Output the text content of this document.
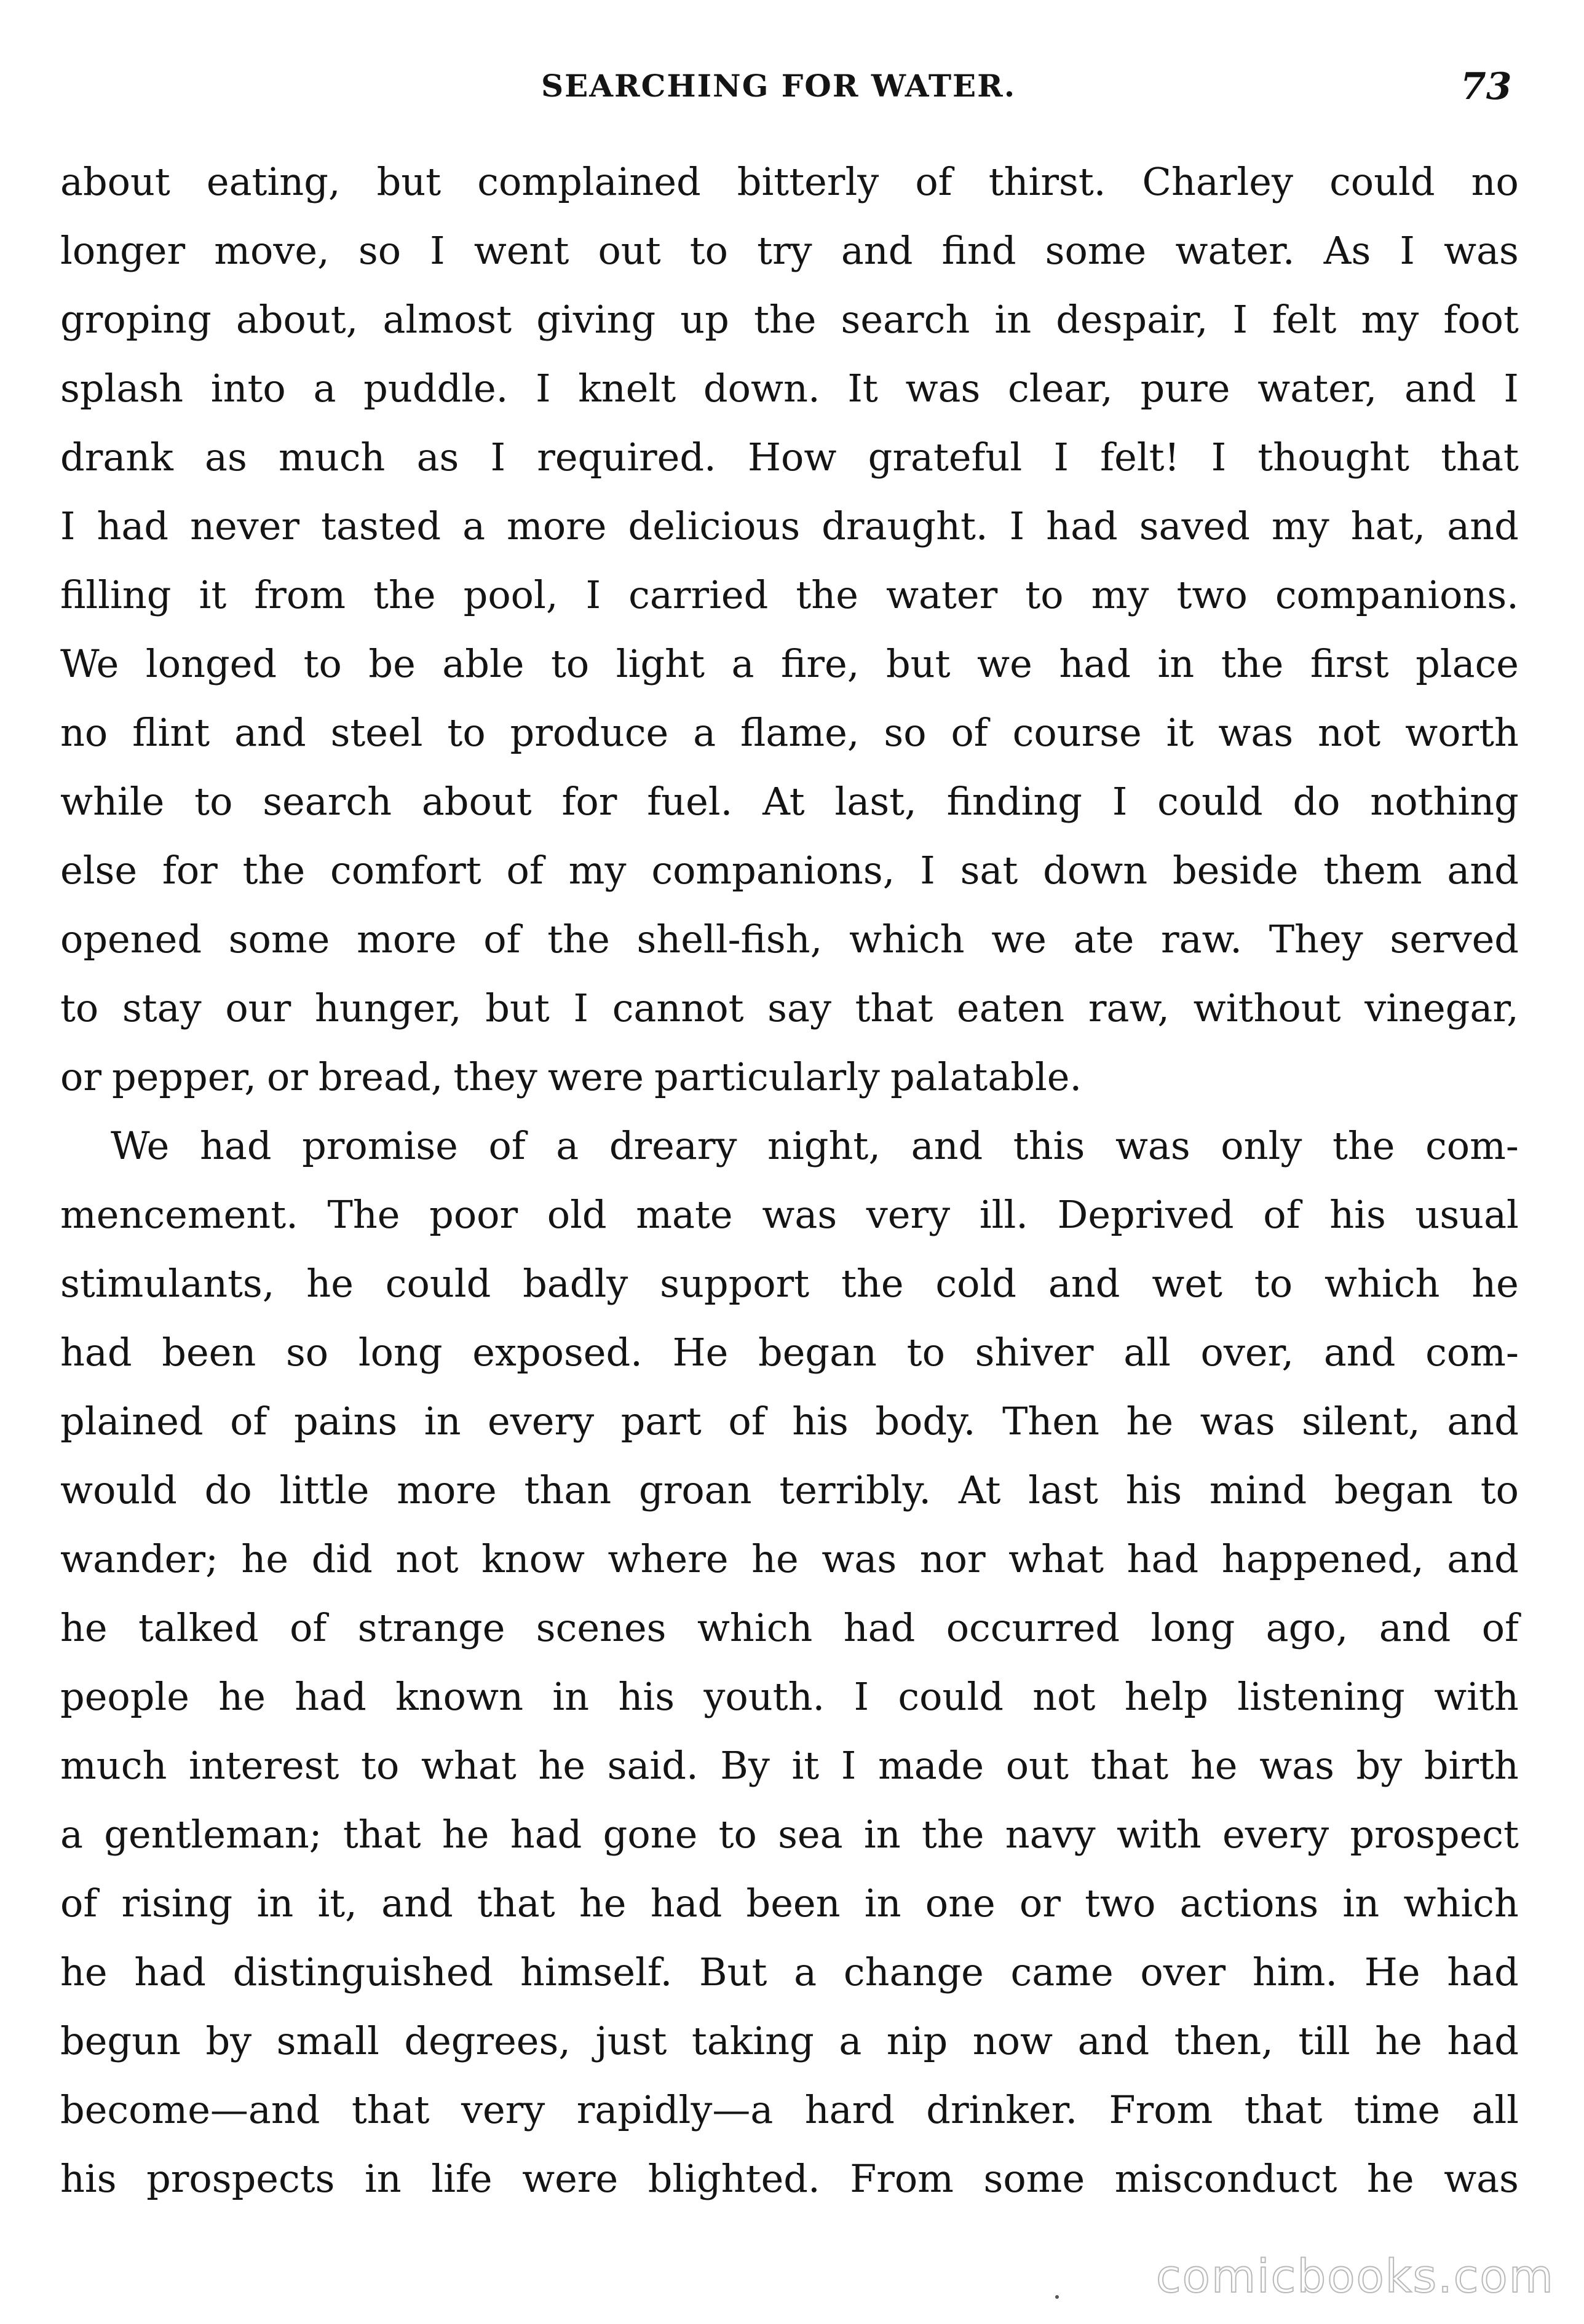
SEARCHING FOR WATER.	73
about eating, but complained bitterly of thirst. Charley could no
longer move, so I went out to try and find some water. As I was
groping about, almost giving up the search in despair, I felt my foot
splash into a puddle. I knelt down. It was clear, pure water, and I
drank as much as I required. How grateful I felt! I thought that
I had never tasted a more delicious draught. I had saved my hat, and
filling it from the pool, I carried the water to my two companions.
We longed to be able to light a fire, but we had in the first place
no flint and steel to produce a flame, so of course it was not worth
while to search about for fuel. At last, finding I could do nothing
else for the comfort of my companions, I sat down beside them and
opened some more of the shell-fish, which we ate raw. They served
to stay our hunger, but I cannot say that eaten raw, without vinegar,
or pepper, or bread, they were particularly palatable.
We had promise of a dreary night, and this was only the com-
mencement. The poor old mate was very ill. Deprived of his usual
stimulants, he could badly support the cold and wet to which he
had been so long exposed. He began to shiver all over, and com-
plained of pains in every part of his body. Then he was silent, and
would do little more than groan terribly. At last his mind began to
wander; he did not know where he was nor what had happened, and
he talked of strange scenes which had occurred long ago, and of
people he had known in his youth. I could not help listening with
much interest to what he said. By it I made out that he was by birth
a gentleman; that he had gone to sea in the navy with every prospect
of rising in it, and that he had been in one or two actions in which
he had distinguished himself. But a change came over him. He had
begun by small degrees, just taking a nip now and then, till he had
become—and that very rapidly—a hard drinker. From that time all
his prospects in life were blighted. From some misconduct he was
comicbooks.com
